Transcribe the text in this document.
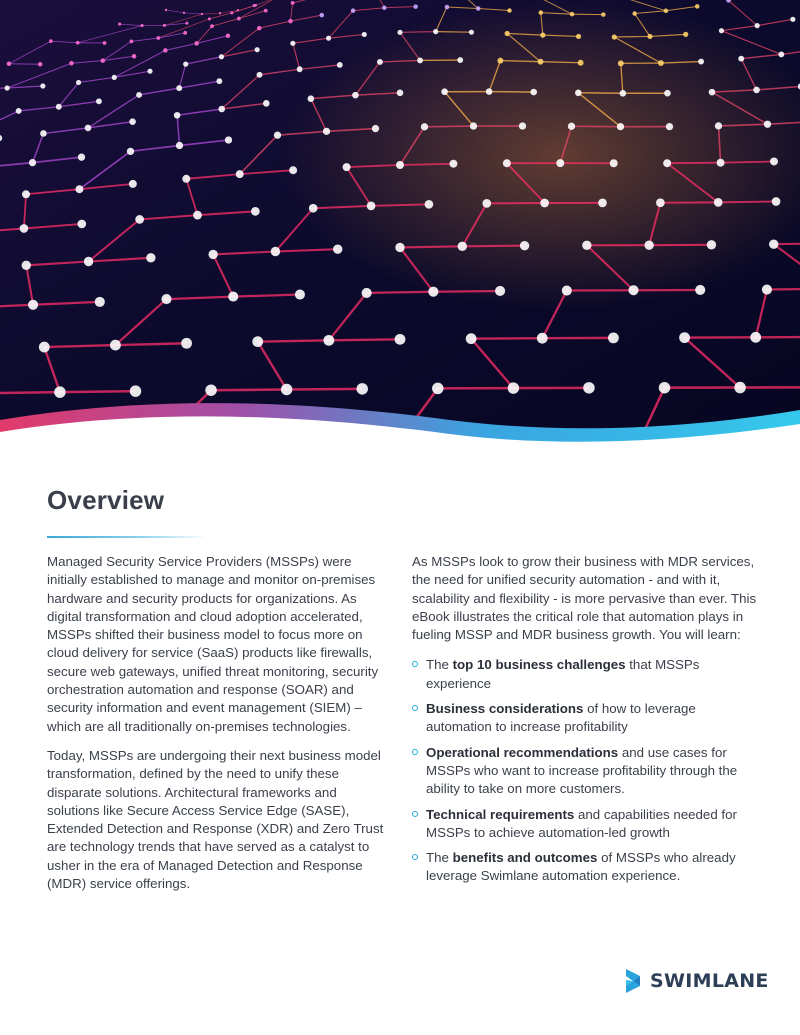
Overview

Managed Security Service Providers (MSSPs) were initially established to manage and monitor on-premises hardware and security products for organizations. As digital transformation and cloud adoption accelerated, MSSPs shifted their business model to focus more on cloud delivery for service (SaaS) products like firewalls, secure web gateways, unified threat monitoring, security orchestration automation and response (SOAR) and security information and event management (SIEM) – which are all traditionally on-premises technologies.

Today, MSSPs are undergoing their next business model transformation, defined by the need to unify these disparate solutions. Architectural frameworks and solutions like Secure Access Service Edge (SASE), Extended Detection and Response (XDR) and Zero Trust are technology trends that have served as a catalyst to usher in the era of Managed Detection and Response (MDR) service offerings.

As MSSPs look to grow their business with MDR services, the need for unified security automation - and with it, scalability and flexibility - is more pervasive than ever. This eBook illustrates the critical role that automation plays in fueling MSSP and MDR business growth. You will learn:

The top 10 business challenges that MSSPs experience
Business considerations of how to leverage automation to increase profitability
Operational recommendations and use cases for MSSPs who want to increase profitability through the ability to take on more customers.
Technical requirements and capabilities needed for MSSPs to achieve automation-led growth
The benefits and outcomes of MSSPs who already leverage Swimlane automation experience.
SWIMLANE
